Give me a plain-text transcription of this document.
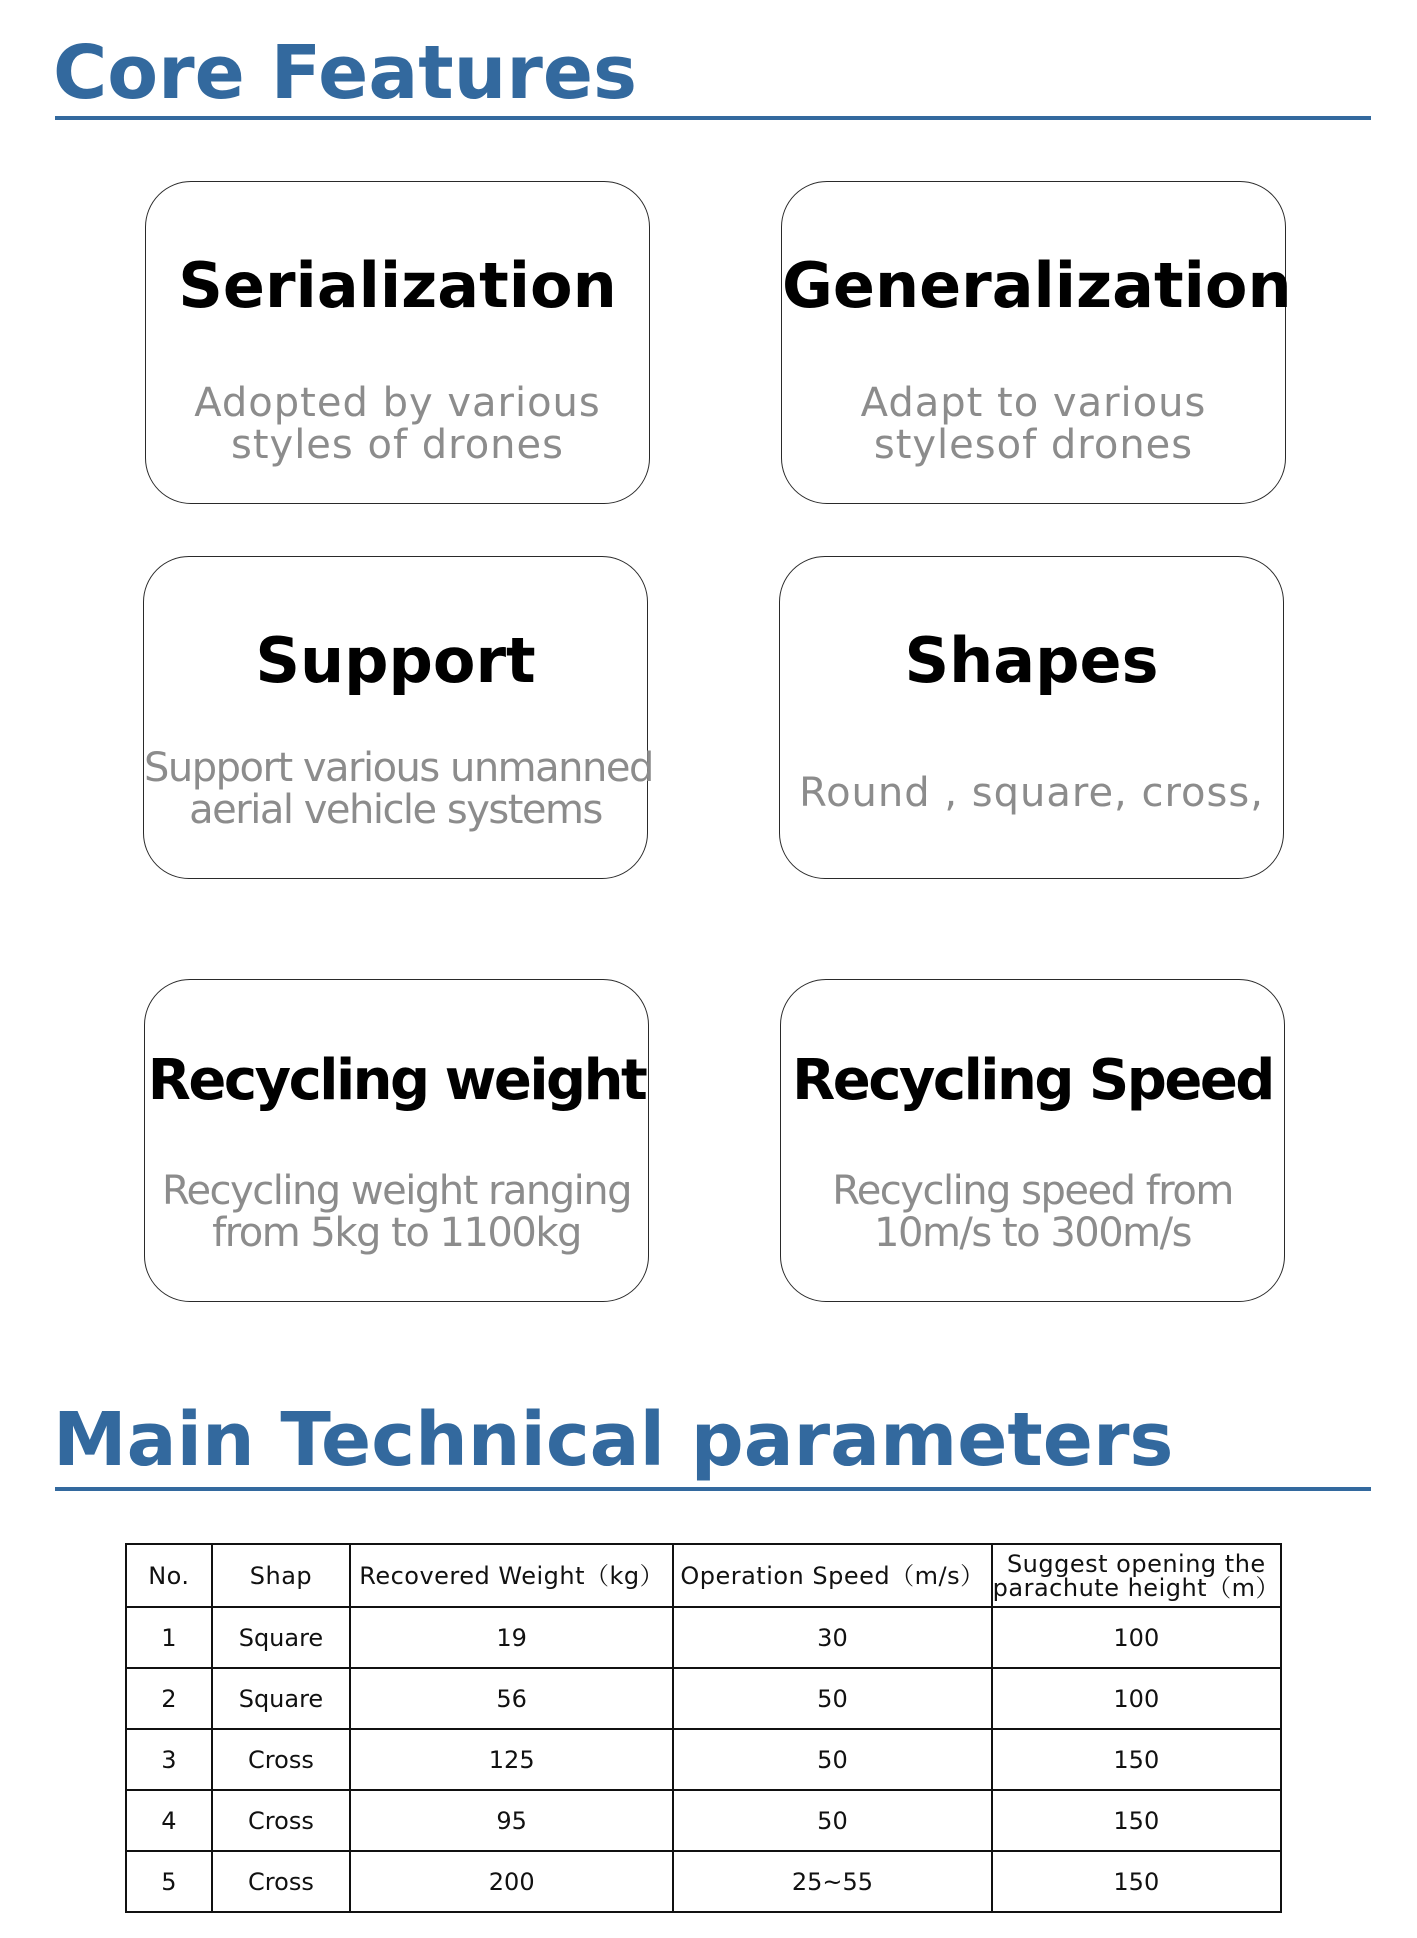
Core Features
Serialization
Adopted by various
styles of drones
Generalization
Adapt to various
stylesof drones
Support
Support various unmanned
aerial vehicle systems
Shapes
Round , square, cross,
Recycling weight
Recycling weight ranging
from 5kg to 1100kg
Recycling Speed
Recycling speed from
10m/s to 300m/s
Main Technical parameters
No.	Shap	Recovered Weight（kg）	Operation Speed（m/s）	Suggest opening the
parachute height（m）

1	Square	19	30	100
2	Square	56	50	100
3	Cross	125	50	150
4	Cross	95	50	150
5	Cross	200	25~55	150
